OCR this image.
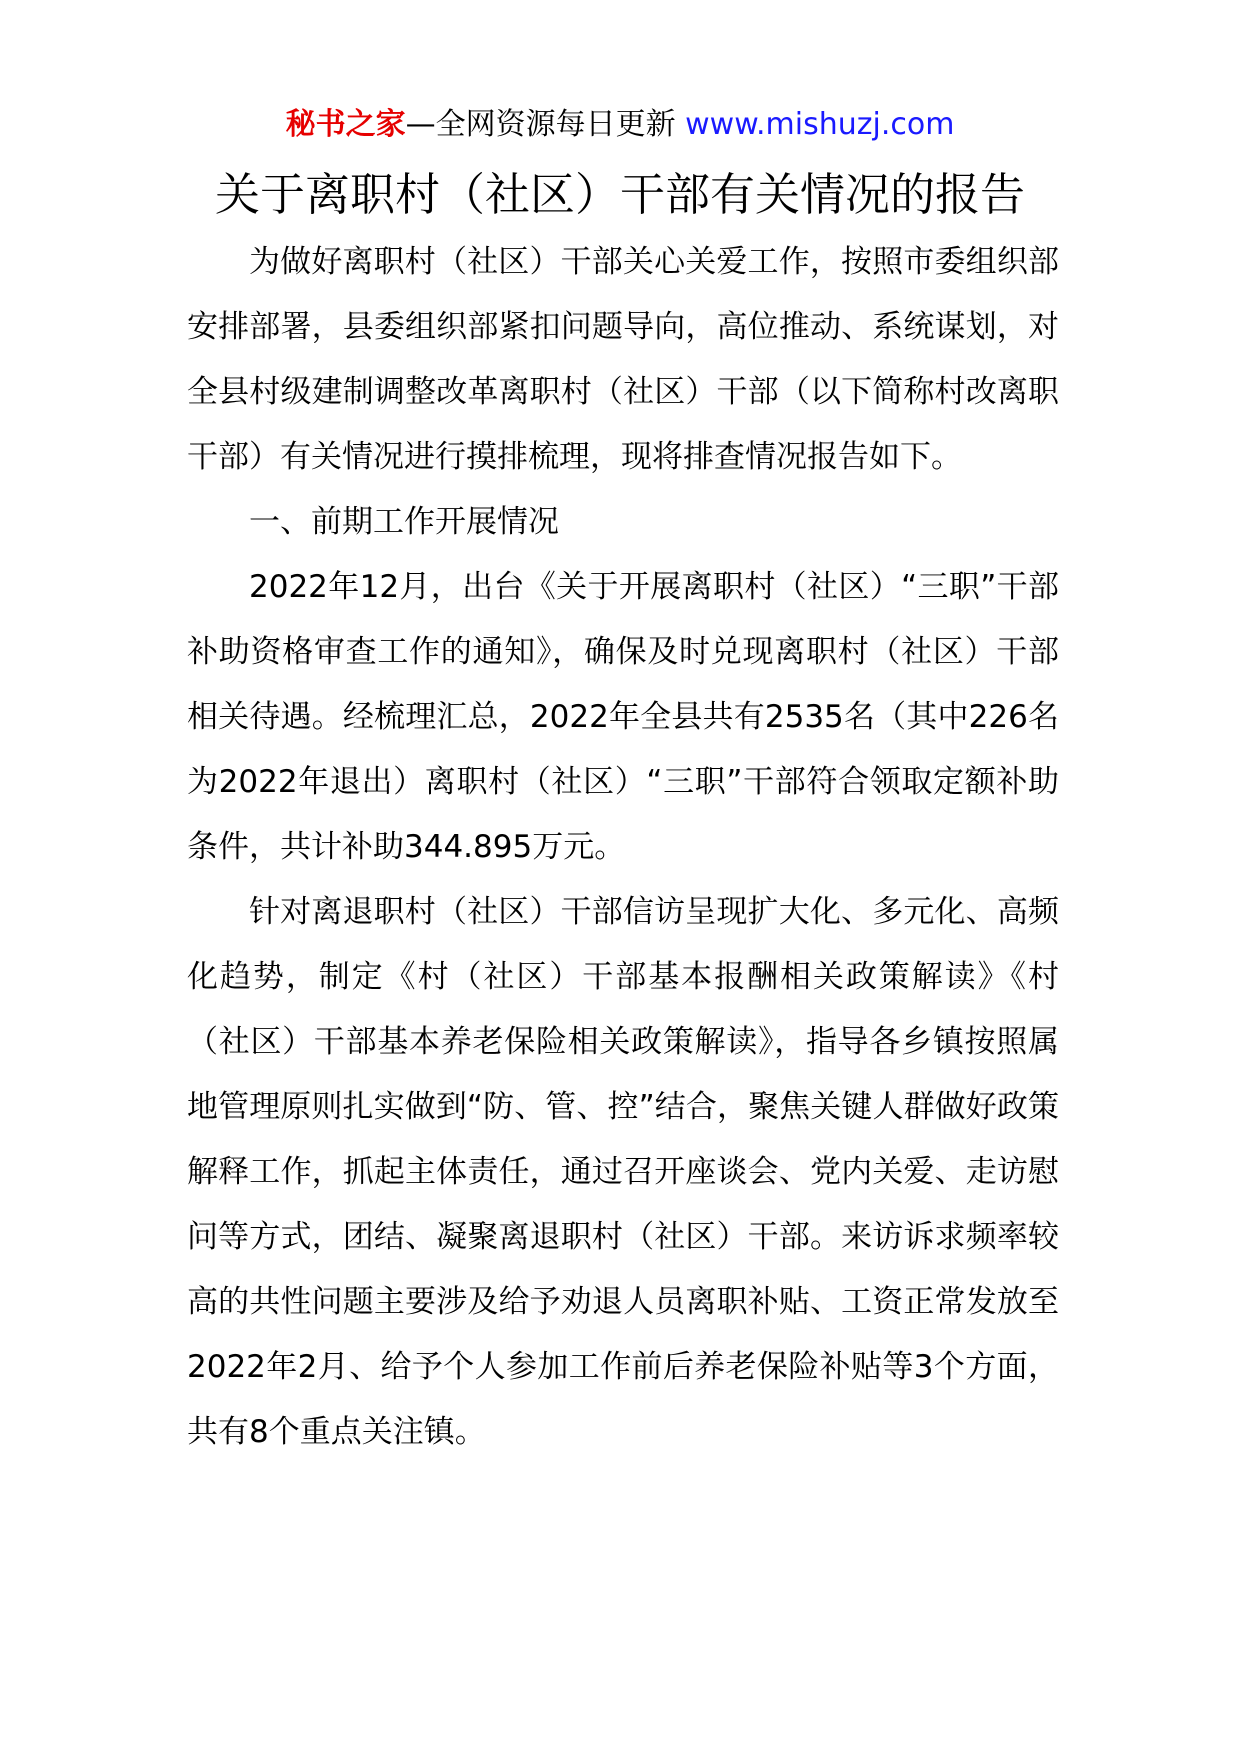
秘书之家—全网资源每日更新 www.mishuzj.com
关于离职村（社区）干部有关情况的报告

为做好离职村（社区）干部关心关爱工作，按照市委组织部安排部署，县委组织部紧扣问题导向，高位推动、系统谋划，对全县村级建制调整改革离职村（社区）干部（以下简称村改离职干部）有关情况进行摸排梳理，现将排查情况报告如下。

一、前期工作开展情况

2022年12月，出台《关于开展离职村（社区）“三职”干部补助资格审查工作的通知》，确保及时兑现离职村（社区）干部相关待遇。经梳理汇总，2022年全县共有2535名（其中226名为2022年退出）离职村（社区）“三职”干部符合领取定额补助条件，共计补助344.895万元。

针对离退职村（社区）干部信访呈现扩大化、多元化、高频化趋势，制定《村（社区）干部基本报酬相关政策解读》《村（社区）干部基本养老保险相关政策解读》，指导各乡镇按照属地管理原则扎实做到“防、管、控”结合，聚焦关键人群做好政策解释工作，抓起主体责任，通过召开座谈会、党内关爱、走访慰问等方式，团结、凝聚离退职村（社区）干部。来访诉求频率较高的共性问题主要涉及给予劝退人员离职补贴、工资正常发放至2022年2月、给予个人参加工作前后养老保险补贴等3个方面，共有8个重点关注镇。
